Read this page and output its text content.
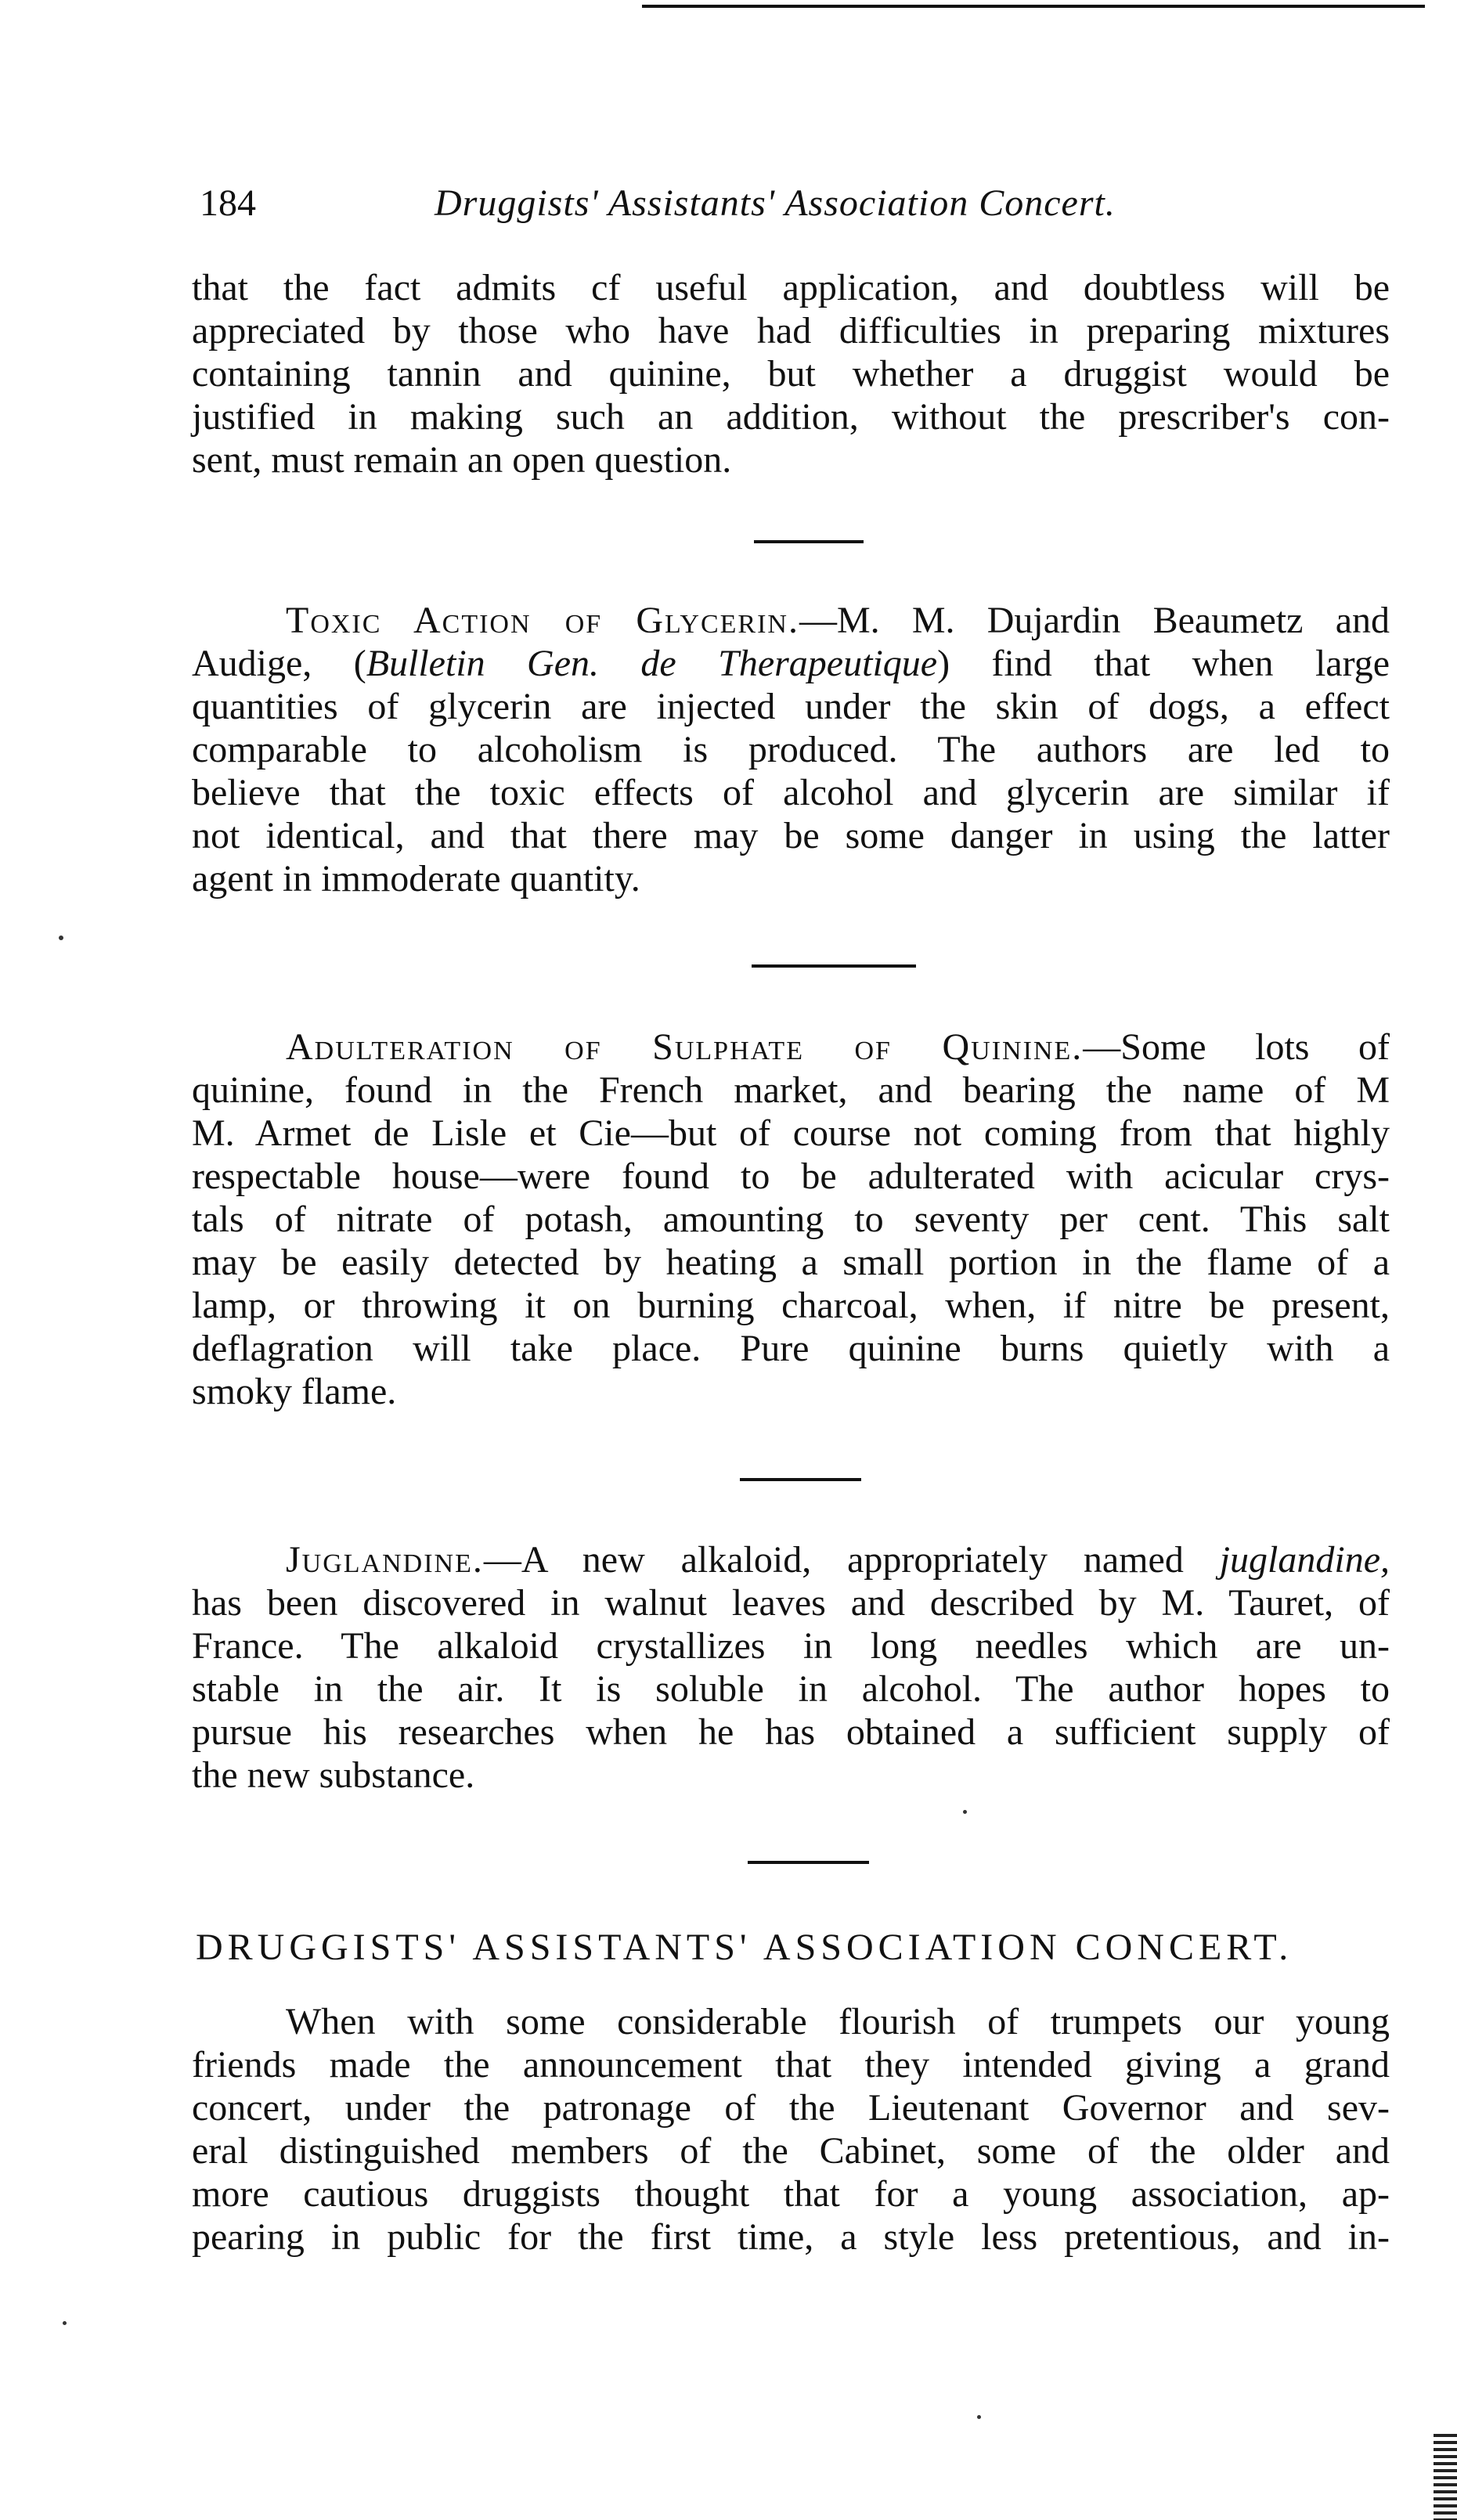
184	Druggists' Assistants' Association Concert.
that the fact admits cf useful application, and doubtless will be
appreciated by those who have had difficulties in preparing mixtures
containing tannin and quinine, but whether a druggist would be
justified in making such an addition, without the prescriber's con-
sent, must remain an open question.
Toxic Action of Glycerin.—M. M. Dujardin Beaumetz and
Audige, (Bulletin Gen. de Therapeutique) find that when large
quantities of glycerin are injected under the skin of dogs, a effect
comparable to alcoholism is produced. The authors are led to
believe that the toxic effects of alcohol and glycerin are similar if
not identical, and that there may be some danger in using the latter
agent in immoderate quantity.
Adulteration of Sulphate of Quinine.—Some lots of
quinine, found in the French market, and bearing the name of M
M. Armet de Lisle et Cie—but of course not coming from that highly
respectable house—were found to be adulterated with acicular crys-
tals of nitrate of potash, amounting to seventy per cent. This salt
may be easily detected by heating a small portion in the flame of a
lamp, or throwing it on burning charcoal, when, if nitre be present,
deflagration will take place. Pure quinine burns quietly with a
smoky flame.
Juglandine.—A new alkaloid, appropriately named juglandine,
has been discovered in walnut leaves and described by M. Tauret, of
France. The alkaloid crystallizes in long needles which are un-
stable in the air. It is soluble in alcohol. The author hopes to
pursue his researches when he has obtained a sufficient supply of
the new substance.
DRUGGISTS' ASSISTANTS' ASSOCIATION CONCERT.
When with some considerable flourish of trumpets our young
friends made the announcement that they intended giving a grand
concert, under the patronage of the Lieutenant Governor and sev-
eral distinguished members of the Cabinet, some of the older and
more cautious druggists thought that for a young association, ap-
pearing in public for the first time, a style less pretentious, and in-
